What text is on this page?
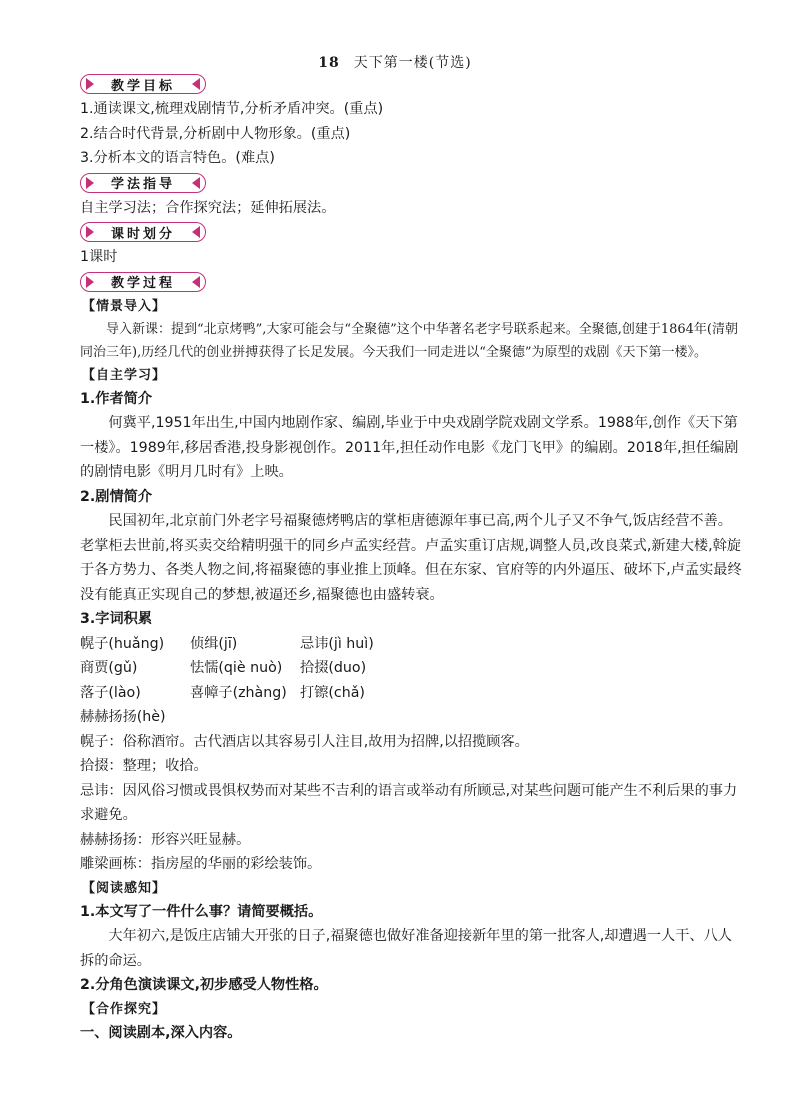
18 天下第一楼(节选)
教学目标

1.通读课文,梳理戏剧情节,分析矛盾冲突。(重点)

2.结合时代背景,分析剧中人物形象。(重点)

3.分析本文的语言特色。(难点)

学法指导

自主学习法；合作探究法；延伸拓展法。

课时划分

1课时

教学过程

【情景导入】

导入新课：提到“北京烤鸭”,大家可能会与“全聚德”这个中华著名老字号联系起来。全聚德,创建于1864年(清朝同治三年),历经几代的创业拼搏获得了长足发展。今天我们一同走进以“全聚德”为原型的戏剧《天下第一楼》。

【自主学习】

1.作者简介

何冀平,1951年出生,中国内地剧作家、编剧,毕业于中央戏剧学院戏剧文学系。1988年,创作《天下第一楼》。1989年,移居香港,投身影视创作。2011年,担任动作电影《龙门飞甲》的编剧。2018年,担任编剧的剧情电影《明月几时有》上映。

2.剧情简介

民国初年,北京前门外老字号福聚德烤鸭店的掌柜唐德源年事已高,两个儿子又不争气,饭店经营不善。老掌柜去世前,将买卖交给精明强干的同乡卢孟实经营。卢孟实重订店规,调整人员,改良菜式,新建大楼,斡旋于各方势力、各类人物之间,将福聚德的事业推上顶峰。但在东家、官府等的内外逼压、破坏下,卢孟实最终没有能真正实现自己的梦想,被逼还乡,福聚德也由盛转衰。

3.字词积累

幌子(huǎng)	侦缉(jī)	忌讳(jì huì)
商贾(gǔ)	怯懦(qiè nuò)	拾掇(duo)
落子(lào)	喜幛子(zhàng) 打镲(chǎ)

赫赫扬扬(hè)

幌子：俗称酒帘。古代酒店以其容易引人注目,故用为招牌,以招揽顾客。

拾掇：整理；收拾。

忌讳：因风俗习惯或畏惧权势而对某些不吉利的语言或举动有所顾忌,对某些问题可能产生不利后果的事力求避免。

赫赫扬扬：形容兴旺显赫。

雕梁画栋：指房屋的华丽的彩绘装饰。

【阅读感知】

1.本文写了一件什么事？请简要概括。

大年初六,是饭庄店铺大开张的日子,福聚德也做好准备迎接新年里的第一批客人,却遭遇一人干、八人拆的命运。

2.分角色演读课文,初步感受人物性格。

【合作探究】

一、阅读剧本,深入内容。
